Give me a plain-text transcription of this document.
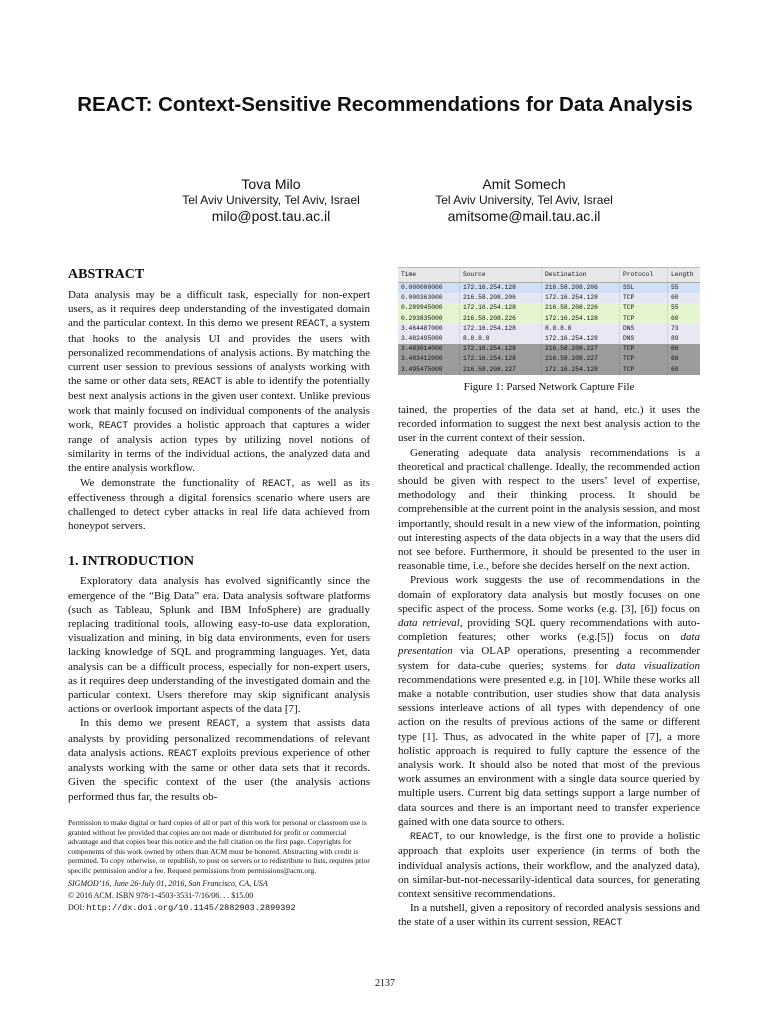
REACT: Context-Sensitive Recommendations for Data Analysis
Tova Milo
Tel Aviv University, Tel Aviv, Israel
milo@post.tau.ac.il
Amit Somech
Tel Aviv University, Tel Aviv, Israel
amitsome@mail.tau.ac.il
ABSTRACT

Data analysis may be a difficult task, especially for non-expert users, as it requires deep understanding of the investigated domain and the particular context. In this demo we present REACT, a system that hooks to the analysis UI and provides the users with personalized recommendations of analysis actions. By matching the current user session to previous sessions of analysts working with the same or other data sets, REACT is able to identify the potentially best next analysis actions in the given user context. Unlike previous work that mainly focused on individual components of the analysis work, REACT provides a holistic approach that captures a wider range of analysis action types by utilizing novel notions of similarity in terms of the individual actions, the analyzed data and the entire analysis workflow.

We demonstrate the functionality of REACT, as well as its effectiveness through a digital forensics scenario where users are challenged to detect cyber attacks in real life data achieved from honeypot servers.

1. INTRODUCTION

Exploratory data analysis has evolved significantly since the emergence of the “Big Data” era. Data analysis software platforms (such as Tableau, Splunk and IBM InfoSphere) are gradually replacing traditional tools, allowing easy-to-use data exploration, visualization and mining, in big data environments, even for users lacking knowledge of SQL and programming languages. Yet, data analysis can be a difficult process, especially for non-expert users, as it requires deep understanding of the investigated domain and the particular context. Users therefore may skip significant analysis actions or overlook important aspects of the data [7].

In this demo we present REACT, a system that assists data analysts by providing personalized recommendations of relevant data analysis actions. REACT exploits previous experience of other analysts working with the same or other data sets that it records. Given the specific context of the user (the analysis actions performed thus far, the results ob-

Permission to make digital or hard copies of all or part of this work for personal or classroom use is granted without fee provided that copies are not made or distributed for profit or commercial advantage and that copies bear this notice and the full citation on the first page. Copyrights for components of this work owned by others than ACM must be honored. Abstracting with credit is permitted. To copy otherwise, or republish, to post on servers or to redistribute to lists, requires prior specific permission and/or a fee. Request permissions from permissions@acm.org.

SIGMOD’16, June 26-July 01, 2016, San Francisco, CA, USA

© 2016 ACM. ISBN 978-1-4503-3531-7/16/06. . . $15.00

DOI: http://dx.doi.org/10.1145/2882903.2899392

Time	Source	Destination	Protocol	Length
0.000000000	172.16.254.128	216.58.208.206	SSL	55
0.000363000	216.58.208.206	172.16.254.128	TCP	60
0.289945000	172.16.254.128	216.58.208.226	TCP	55
0.293835000	216.58.208.226	172.16.254.128	TCP	60
3.464487000	172.16.254.128	8.8.8.8	DNS	73
3.482495000	8.8.8.8	172.16.254.128	DNS	89
3.483014000	172.16.254.128	216.58.208.227	TCP	66
3.483412000	172.16.254.128	216.58.208.227	TCP	66
3.495475000	216.58.208.227	172.16.254.128	TCP	60
Figure 1: Parsed Network Capture File

tained, the properties of the data set at hand, etc.) it uses the recorded information to suggest the next best analysis action to the user in the current context of their session.

Generating adequate data analysis recommendations is a theoretical and practical challenge. Ideally, the recommended action should be given with respect to the users’ level of expertise, methodology and their thinking process. It should be comprehensible at the current point in the analysis session, and most importantly, should result in a new view of the information, pointing out interesting aspects of the data objects in a way that the users did not see before. Furthermore, it should be presented to the user in reasonable time, i.e., before she decides herself on the next action.

Previous work suggests the use of recommendations in the domain of exploratory data analysis but mostly focuses on one specific aspect of the process. Some works (e.g. [3], [6]) focus on data retrieval, providing SQL query recommendations with auto-completion features; other works (e.g.[5]) focus on data presentation via OLAP operations, presenting a recommender system for data-cube queries; systems for data visualization recommendations were presented e.g. in [10]. While these works all make a notable contribution, user studies show that data analysis sessions interleave actions of all types with dependency of one action on the results of previous actions of the same or different type [1]. Thus, as advocated in the white paper of [7], a more holistic approach is required to fully capture the essence of the analysis work. It should also be noted that most of the previous work assumes an environment with a single data source queried by multiple users. Current big data settings support a large number of data sources and there is an important need to transfer experience gained with one data source to others.

REACT, to our knowledge, is the first one to provide a holistic approach that exploits user experience (in terms of both the individual analysis actions, their workflow, and the analyzed data), on similar-but-not-necessarily-identical data sources, for generating context sensitive recommendations.

In a nutshell, given a repository of recorded analysis sessions and the state of a user within its current session, REACT

2137
